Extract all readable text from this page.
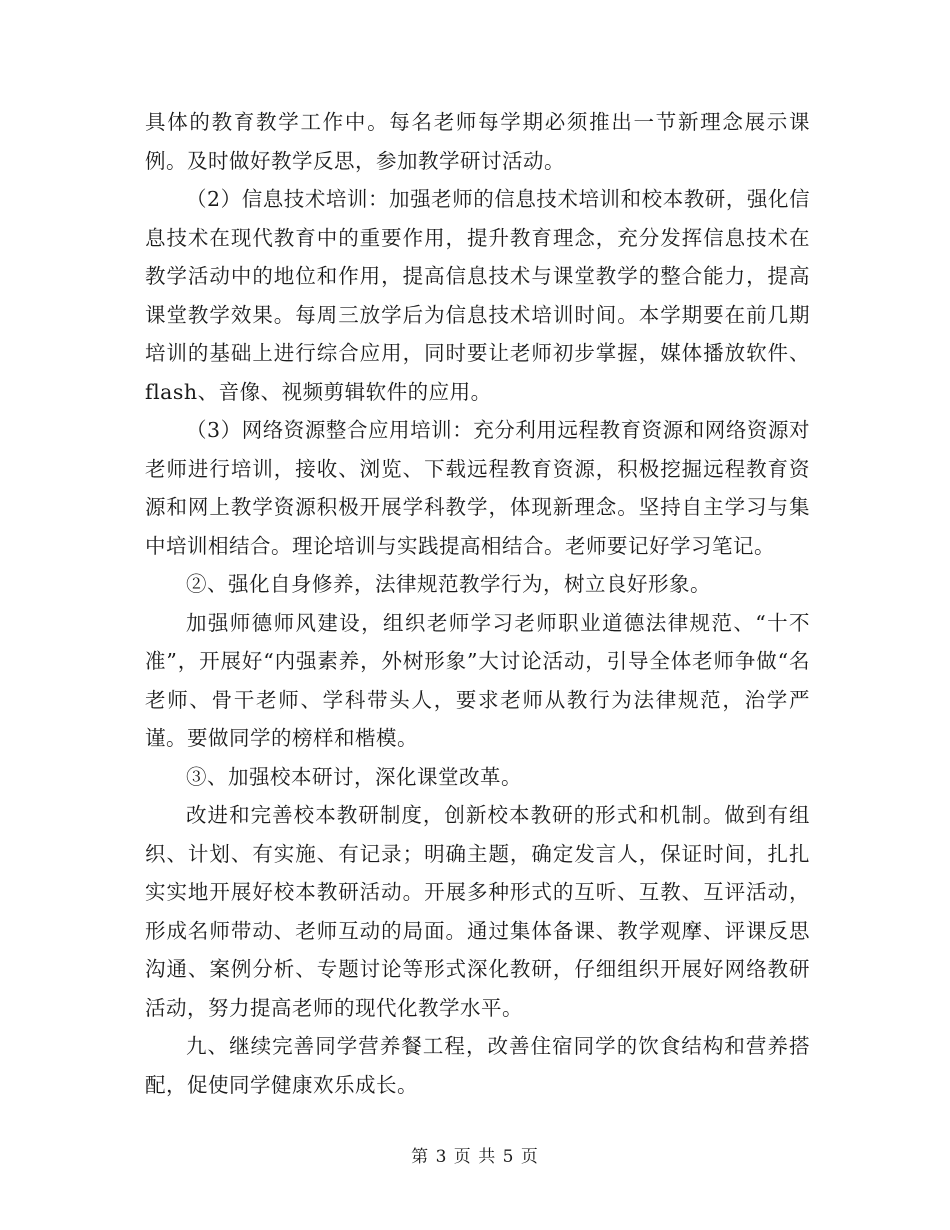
具体的教育教学工作中。每名老师每学期必须推出一节新理念展示课例。及时做好教学反思，参加教学研讨活动。

（2）信息技术培训：加强老师的信息技术培训和校本教研，强化信息技术在现代教育中的重要作用，提升教育理念，充分发挥信息技术在教学活动中的地位和作用，提高信息技术与课堂教学的整合能力，提高课堂教学效果。每周三放学后为信息技术培训时间。本学期要在前几期培训的基础上进行综合应用，同时要让老师初步掌握，媒体播放软件、flash、音像、视频剪辑软件的应用。

（3）网络资源整合应用培训：充分利用远程教育资源和网络资源对老师进行培训，接收、浏览、下载远程教育资源，积极挖掘远程教育资源和网上教学资源积极开展学科教学，体现新理念。坚持自主学习与集中培训相结合。理论培训与实践提高相结合。老师要记好学习笔记。

②、强化自身修养，法律规范教学行为，树立良好形象。

加强师德师风建设，组织老师学习老师职业道德法律规范、“十不准”，开展好“内强素养，外树形象”大讨论活动，引导全体老师争做“名老师、骨干老师、学科带头人，要求老师从教行为法律规范，治学严谨。要做同学的榜样和楷模。

③、加强校本研讨，深化课堂改革。

改进和完善校本教研制度，创新校本教研的形式和机制。做到有组织、计划、有实施、有记录；明确主题，确定发言人，保证时间，扎扎实实地开展好校本教研活动。开展多种形式的互听、互教、互评活动，形成名师带动、老师互动的局面。通过集体备课、教学观摩、评课反思沟通、案例分析、专题讨论等形式深化教研，仔细组织开展好网络教研活动，努力提高老师的现代化教学水平。

九、继续完善同学营养餐工程，改善住宿同学的饮食结构和营养搭配，促使同学健康欢乐成长。

第 3 页 共 5 页
